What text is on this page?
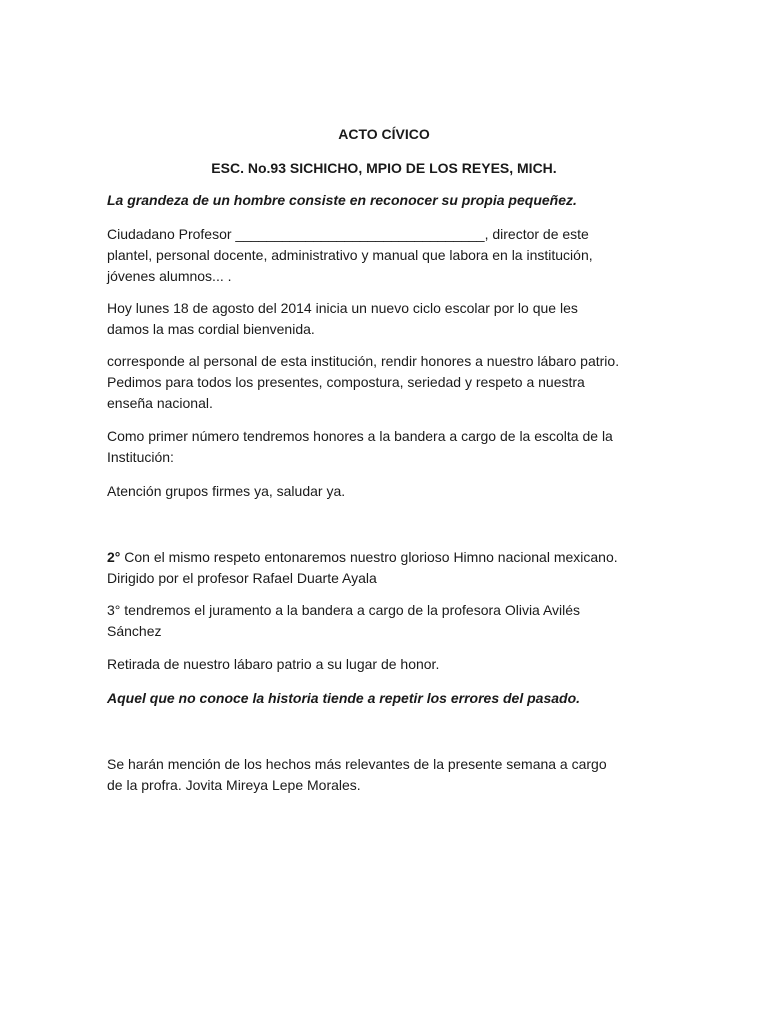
ACTO CÍVICO
ESC. No.93 SICHICHO, MPIO DE LOS REYES, MICH.
La grandeza de un hombre consiste en reconocer su propia pequeñez.
Ciudadano Profesor ________________________________, director de este
plantel, personal docente, administrativo y manual que labora en la institución,
jóvenes alumnos... .
Hoy lunes 18 de agosto del 2014 inicia un nuevo ciclo escolar por lo que les
damos la mas cordial bienvenida.
corresponde al personal de esta institución, rendir honores a nuestro lábaro patrio.
Pedimos para todos los presentes, compostura, seriedad y respeto a nuestra
enseña nacional.
Como primer número tendremos honores a la bandera a cargo de la escolta de la
Institución:
Atención grupos firmes ya, saludar ya.
2° Con el mismo respeto entonaremos nuestro glorioso Himno nacional mexicano.
Dirigido por el profesor Rafael Duarte Ayala
3° tendremos el juramento a la bandera a cargo de la profesora Olivia Avilés
Sánchez
Retirada de nuestro lábaro patrio a su lugar de honor.
Aquel que no conoce la historia tiende a repetir los errores del pasado.
Se harán mención de los hechos más relevantes de la presente semana a cargo
de la profra. Jovita Mireya Lepe Morales.
